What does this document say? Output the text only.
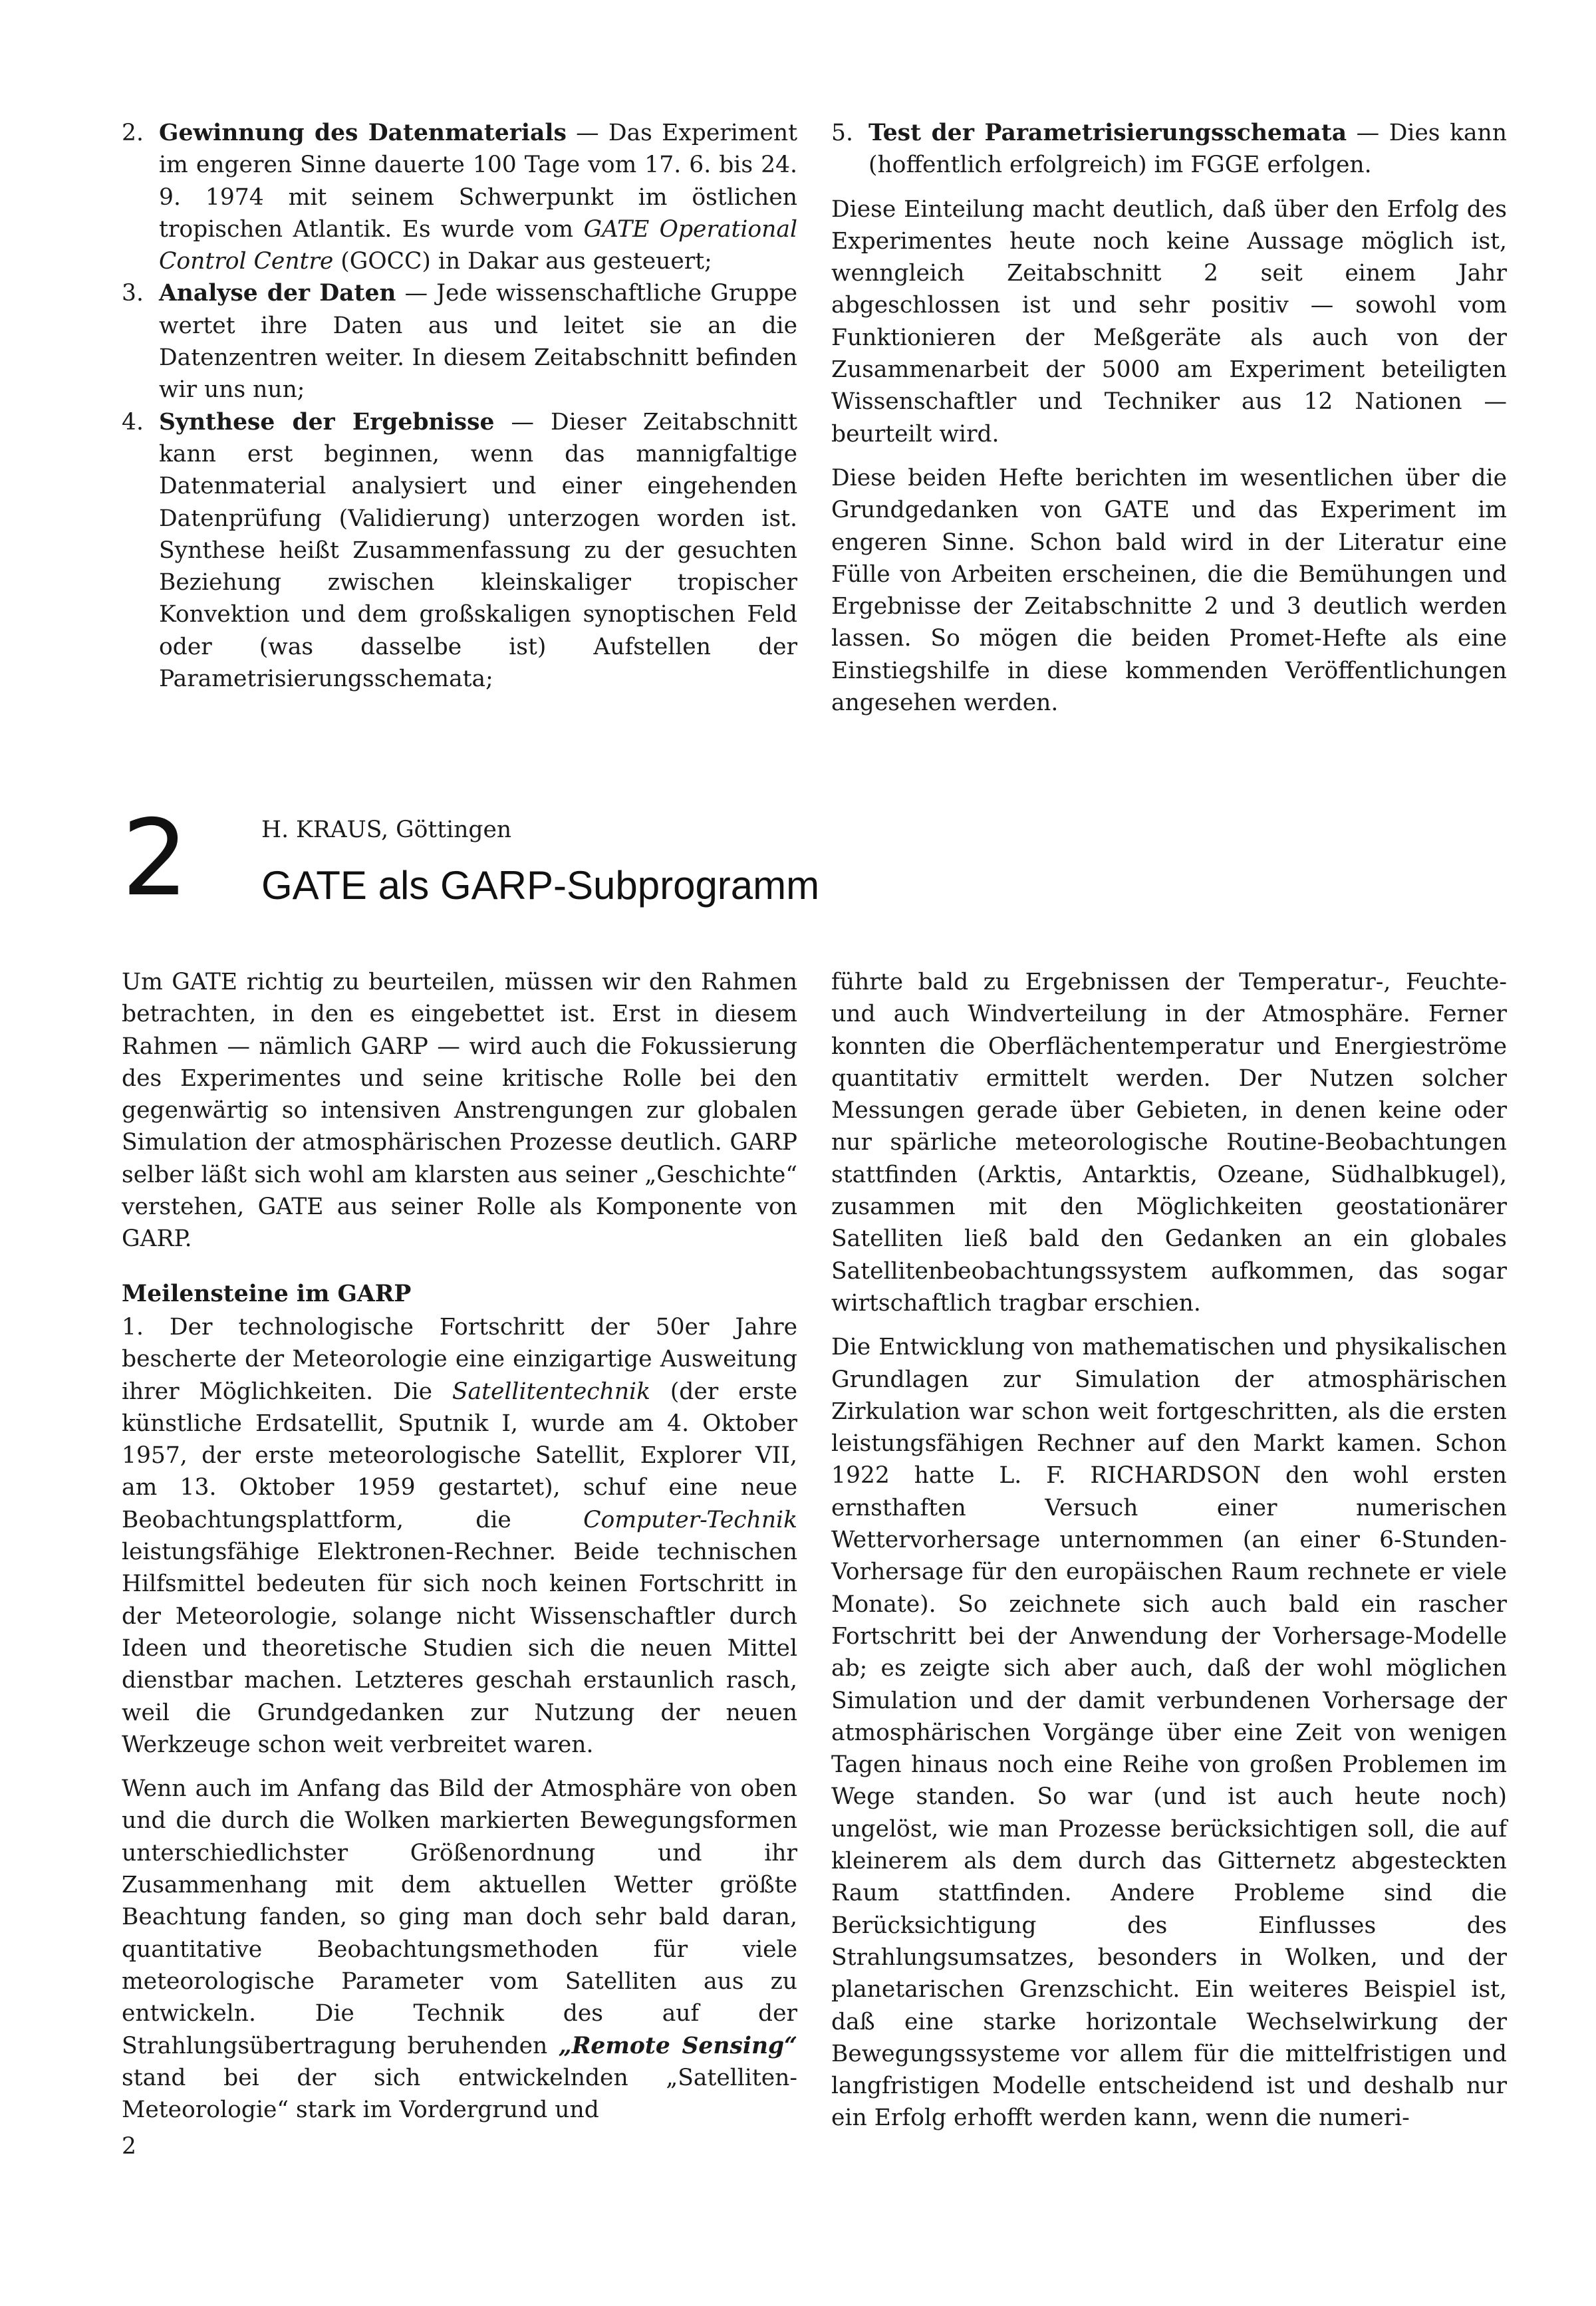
2. Gewinnung des Datenmaterials — Das Experiment im engeren Sinne dauerte 100 Tage vom 17. 6. bis 24. 9. 1974 mit seinem Schwerpunkt im östlichen tropischen Atlantik. Es wurde vom GATE Operational Control Centre (GOCC) in Dakar aus gesteuert;
3. Analyse der Daten — Jede wissenschaftliche Gruppe wertet ihre Daten aus und leitet sie an die Datenzentren weiter. In diesem Zeitabschnitt befinden wir uns nun;
4. Synthese der Ergebnisse — Dieser Zeitabschnitt kann erst beginnen, wenn das mannigfaltige Datenmaterial analysiert und einer eingehenden Datenprüfung (Validierung) unterzogen worden ist. Synthese heißt Zusammenfassung zu der gesuchten Beziehung zwischen kleinskaliger tropischer Konvektion und dem großskaligen synoptischen Feld oder (was dasselbe ist) Aufstellen der Parametrisierungsschemata;
5. Test der Parametrisierungsschemata — Dies kann (hoffentlich erfolgreich) im FGGE erfolgen.

Diese Einteilung macht deutlich, daß über den Erfolg des Experimentes heute noch keine Aussage möglich ist, wenngleich Zeitabschnitt 2 seit einem Jahr abgeschlossen ist und sehr positiv — sowohl vom Funktionieren der Meßgeräte als auch von der Zusammenarbeit der 5000 am Experiment beteiligten Wissenschaftler und Techniker aus 12 Nationen — beurteilt wird.

Diese beiden Hefte berichten im wesentlichen über die Grundgedanken von GATE und das Experiment im engeren Sinne. Schon bald wird in der Literatur eine Fülle von Arbeiten erscheinen, die die Bemühungen und Ergebnisse der Zeitabschnitte 2 und 3 deutlich werden lassen. So mögen die beiden Promet-Hefte als eine Einstiegshilfe in diese kommenden Veröffentlichungen angesehen werden.

2	H. KRAUS, Göttingen
GATE als GARP-Subprogramm

Um GATE richtig zu beurteilen, müssen wir den Rahmen betrachten, in den es eingebettet ist. Erst in diesem Rahmen — nämlich GARP — wird auch die Fokussierung des Experimentes und seine kritische Rolle bei den gegenwärtig so intensiven Anstrengungen zur globalen Simulation der atmosphärischen Prozesse deutlich. GARP selber läßt sich wohl am klarsten aus seiner „Geschichte“ verstehen, GATE aus seiner Rolle als Komponente von GARP.

Meilensteine im GARP

1. Der technologische Fortschritt der 50er Jahre bescherte der Meteorologie eine einzigartige Ausweitung ihrer Möglichkeiten. Die Satellitentechnik (der erste künstliche Erdsatellit, Sputnik I, wurde am 4. Oktober 1957, der erste meteorologische Satellit, Explorer VII, am 13. Oktober 1959 gestartet), schuf eine neue Beobachtungsplattform, die Computer-Technik leistungsfähige Elektronen-Rechner. Beide technischen Hilfsmittel bedeuten für sich noch keinen Fortschritt in der Meteorologie, solange nicht Wissenschaftler durch Ideen und theoretische Studien sich die neuen Mittel dienstbar machen. Letzteres geschah erstaunlich rasch, weil die Grundgedanken zur Nutzung der neuen Werkzeuge schon weit verbreitet waren.

Wenn auch im Anfang das Bild der Atmosphäre von oben und die durch die Wolken markierten Bewegungsformen unterschiedlichster Größenordnung und ihr Zusammenhang mit dem aktuellen Wetter größte Beachtung fanden, so ging man doch sehr bald daran, quantitative Beobachtungsmethoden für viele meteorologische Parameter vom Satelliten aus zu entwickeln. Die Technik des auf der Strahlungsübertragung beruhenden „Remote Sensing“ stand bei der sich entwickelnden „Satelliten-Meteorologie“ stark im Vordergrund und

führte bald zu Ergebnissen der Temperatur-, Feuchte- und auch Windverteilung in der Atmosphäre. Ferner konnten die Oberflächentemperatur und Energieströme quantitativ ermittelt werden. Der Nutzen solcher Messungen gerade über Gebieten, in denen keine oder nur spärliche meteorologische Routine-Beobachtungen stattfinden (Arktis, Antarktis, Ozeane, Südhalbkugel), zusammen mit den Möglichkeiten geostationärer Satelliten ließ bald den Gedanken an ein globales Satellitenbeobachtungssystem aufkommen, das sogar wirtschaftlich tragbar erschien.

Die Entwicklung von mathematischen und physikalischen Grundlagen zur Simulation der atmosphärischen Zirkulation war schon weit fortgeschritten, als die ersten leistungsfähigen Rechner auf den Markt kamen. Schon 1922 hatte L. F. RICHARDSON den wohl ersten ernsthaften Versuch einer numerischen Wettervorhersage unternommen (an einer 6-Stunden-Vorhersage für den europäischen Raum rechnete er viele Monate). So zeichnete sich auch bald ein rascher Fortschritt bei der Anwendung der Vorhersage-Modelle ab; es zeigte sich aber auch, daß der wohl möglichen Simulation und der damit verbundenen Vorhersage der atmosphärischen Vorgänge über eine Zeit von wenigen Tagen hinaus noch eine Reihe von großen Problemen im Wege standen. So war (und ist auch heute noch) ungelöst, wie man Prozesse berücksichtigen soll, die auf kleinerem als dem durch das Gitternetz abgesteckten Raum stattfinden. Andere Probleme sind die Berücksichtigung des Einflusses des Strahlungsumsatzes, besonders in Wolken, und der planetarischen Grenzschicht. Ein weiteres Beispiel ist, daß eine starke horizontale Wechselwirkung der Bewegungssysteme vor allem für die mittelfristigen und langfristigen Modelle entscheidend ist und deshalb nur ein Erfolg erhofft werden kann, wenn die numeri-

2
